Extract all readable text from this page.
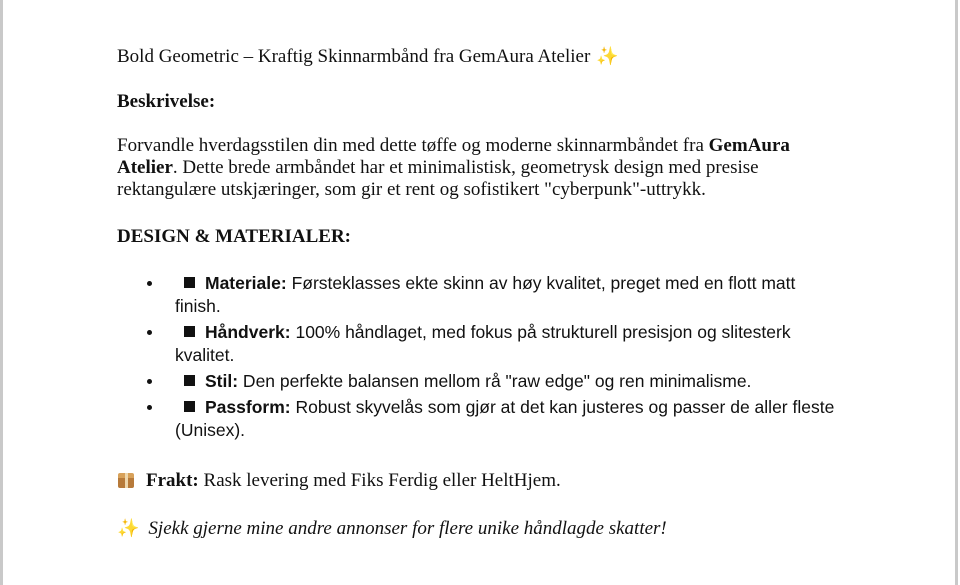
Bold Geometric – Kraftig Skinnarmbånd fra GemAura Atelier ✨
Beskrivelse:
Forvandle hverdagsstilen din med dette tøffe og moderne skinnarmbåndet fra GemAura Atelier. Dette brede armbåndet har et minimalistisk, geometrysk design med presise rektangulære utskjæringer, som gir et rent og sofistikert "cyberpunk"-uttrykk.
DESIGN & MATERIALER:
Materiale: Førsteklasses ekte skinn av høy kvalitet, preget med en flott matt finish.
Håndverk: 100% håndlaget, med fokus på strukturell presisjon og slitesterk kvalitet.
Stil: Den perfekte balansen mellom rå "raw edge" og ren minimalisme.
Passform: Robust skyvelås som gjør at det kan justeres og passer de aller fleste (Unisex).
Frakt: Rask levering med Fiks Ferdig eller HeltHjem.
✨ Sjekk gjerne mine andre annonser for flere unike håndlagde skatter!
